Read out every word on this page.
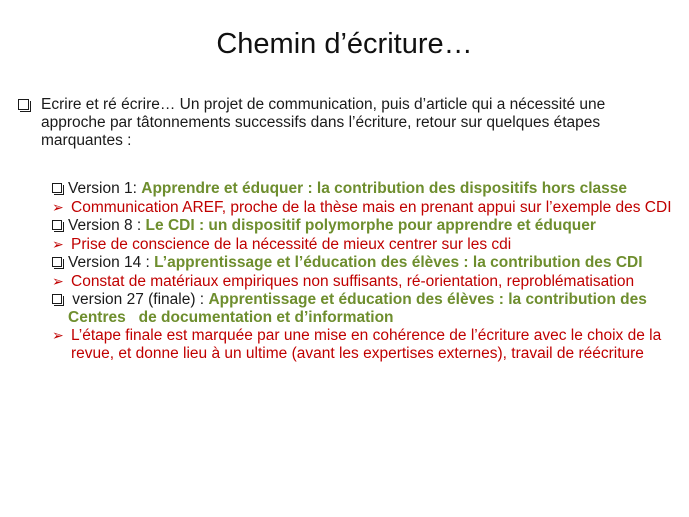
Chemin d’écriture…
Ecrire et ré écrire… Un projet de communication, puis d’article qui a nécessité une approche par tâtonnements successifs dans l’écriture, retour sur quelques étapes marquantes :
Version 1: Apprendre et éduquer : la contribution des dispositifs hors classe
➢ Communication AREF, proche de la thèse mais en prenant appui sur l’exemple des CDI
Version 8 : Le CDI : un dispositif polymorphe pour apprendre et éduquer
➢ Prise de conscience de la nécessité de mieux centrer sur les cdi
Version 14 : L’apprentissage et l’éducation des élèves : la contribution des CDI
➢ Constat de matériaux empiriques non suffisants, ré-orientation, reproblématisation
version 27 (finale) : Apprentissage et éducation des élèves : la contribution des Centres   de documentation et d’information
➢ L’étape finale est marquée par une mise en cohérence de l’écriture avec le choix de la revue, et donne lieu à un ultime (avant les expertises externes), travail de réécriture
